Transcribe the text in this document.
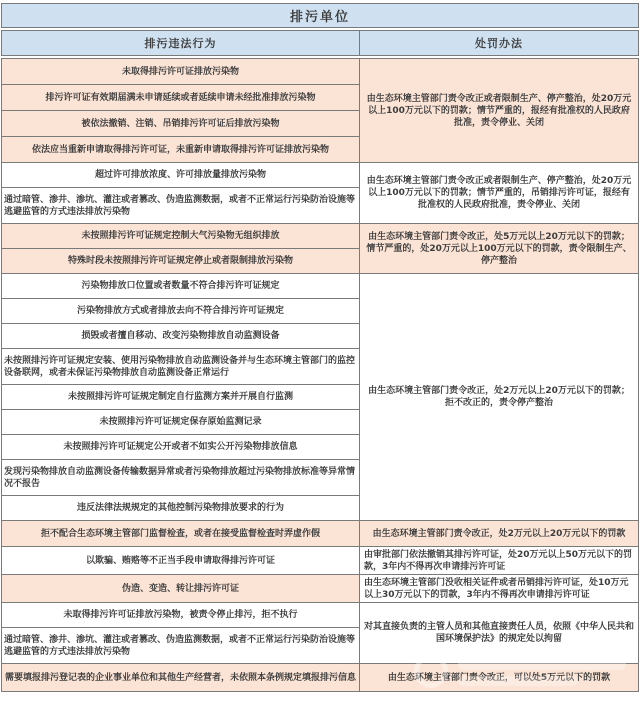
排污单位
排污违法行为	处罚办法
未取得排污许可证排放污染物
排污许可证有效期届满未申请延续或者延续申请未经批准排放污染物
被依法撤销、注销、吊销排污许可证后排放污染物
依法应当重新申请取得排污许可证，未重新申请取得排污许可证排放污染物
超过许可排放浓度、许可排放量排放污染物
通过暗管、渗井、渗坑、灌注或者篡改、伪造监测数据，或者不正常运行污染防治设施等逃避监管的方式违法排放污染物
未按照排污许可证规定控制大气污染物无组织排放
特殊时段未按照排污许可证规定停止或者限制排放污染物
污染物排放口位置或者数量不符合排污许可证规定
污染物排放方式或者排放去向不符合排污许可证规定
损毁或者擅自移动、改变污染物排放自动监测设备
未按照排污许可证规定安装、使用污染物排放自动监测设备并与生态环境主管部门的监控设备联网，或者未保证污染物排放自动监测设备正常运行
未按照排污许可证规定制定自行监测方案并开展自行监测
未按照排污许可证规定保存原始监测记录
未按照排污许可证规定公开或者不如实公开污染物排放信息
发现污染物排放自动监测设备传输数据异常或者污染物排放超过污染物排放标准等异常情况不报告
违反法律法规规定的其他控制污染物排放要求的行为
拒不配合生态环境主管部门监督检查，或者在接受监督检查时弄虚作假
以欺骗、贿赂等不正当手段申请取得排污许可证
伪造、变造、转让排污许可证
未取得排污许可证排放污染物，被责令停止排污，拒不执行
通过暗管、渗井、渗坑、灌注或者篡改、伪造监测数据，或者不正常运行污染防治设施等逃避监管的方式违法排放污染物
需要填报排污登记表的企业事业单位和其他生产经营者，未依照本条例规定填报排污信息
由生态环境主管部门责令改正或者限制生产、停产整治，处20万元以上100万元以下的罚款；情节严重的，报经有批准权的人民政府批准，责令停业、关闭
由生态环境主管部门责令改正或者限制生产、停产整治，处20万元以上100万元以下的罚款；情节严重的，吊销排污许可证，报经有批准权的人民政府批准，责令停业、关闭
由生态环境主管部门责令改正，处5万元以上20万元以下的罚款；情节严重的，处20万元以上100万元以下的罚款，责令限制生产、停产整治
由生态环境主管部门责令改正，处2万元以上20万元以下的罚款；拒不改正的，责令停产整治
由生态环境主管部门责令改正，处2万元以上20万元以下的罚款
由审批部门依法撤销其排污许可证，处20万元以上50万元以下的罚款，3年内不得再次申请排污许可证
由生态环境主管部门没收相关证件或者吊销排污许可证，处10万元以上30万元以下的罚款，3年内不得再次申请排污许可证
对其直接负责的主管人员和其他直接责任人员，依照《中华人民共和国环境保护法》的规定处以拘留
由生态环境主管部门责令改正，可以处5万元以下的罚款
